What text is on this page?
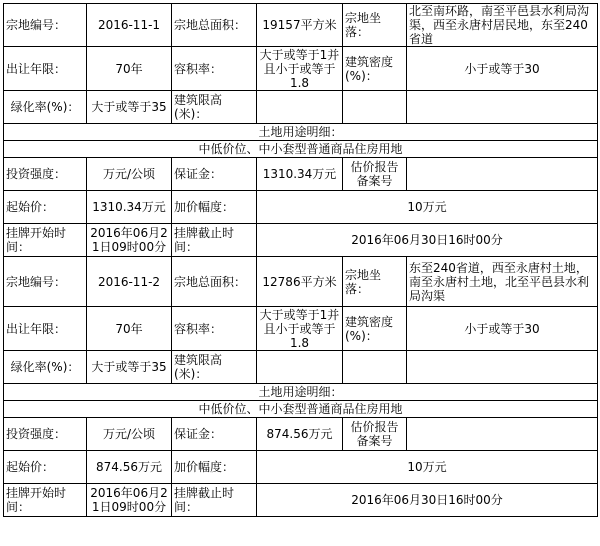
宗地编号：	2016-11-1	宗地总面积：	19157平方米	宗地坐落：	北至南环路，南至平邑县水利局沟渠，西至永唐村居民地，东至240省道
出让年限：	70年	容积率：	大于或等于1并且小于或等于1.8	建筑密度(%)：	小于或等于30
绿化率(%)：	大于或等于35	建筑限高(米)：			
土地用途明细：					
中低价位、中小套型普通商品住房用地					
投资强度：	万元/公顷	保证金：	1310.34万元	估价报告备案号	
起始价：	1310.34万元	加价幅度：	10万元		
挂牌开始时间：	2016年06月21日09时00分	挂牌截止时间：	2016年06月30日16时00分		
宗地编号：	2016-11-2	宗地总面积：	12786平方米	宗地坐落：	东至240省道，西至永唐村土地，南至永唐村土地，北至平邑县水利局沟渠
出让年限：	70年	容积率：	大于或等于1并且小于或等于1.8	建筑密度(%)：	小于或等于30
绿化率(%)：	大于或等于35	建筑限高(米)：			
土地用途明细：					
中低价位、中小套型普通商品住房用地					
投资强度：	万元/公顷	保证金：	874.56万元	估价报告备案号	
起始价：	874.56万元	加价幅度：	10万元		
挂牌开始时间：	2016年06月21日09时00分	挂牌截止时间：	2016年06月30日16时00分		
